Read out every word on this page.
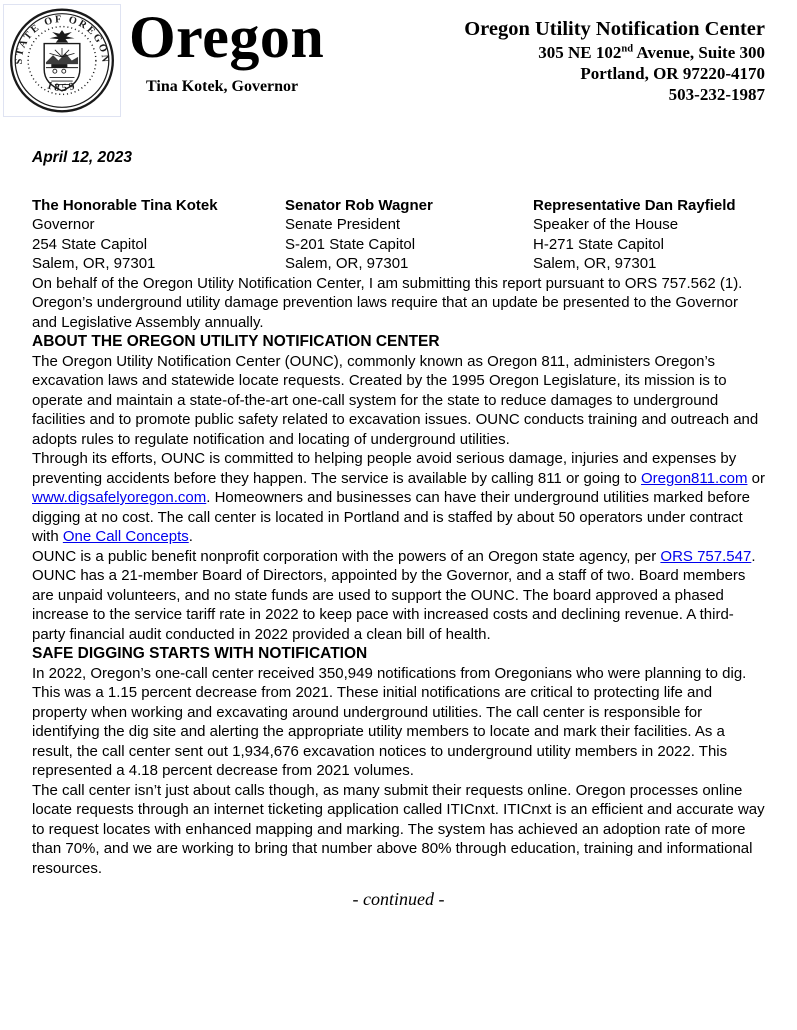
STATE OF OREGON
1859
Oregon
Tina Kotek, Governor
Oregon Utility Notification Center
305 NE 102nd Avenue, Suite 300
Portland, OR 97220-4170
503-232-1987
April 12, 2023
The Honorable Tina Kotek
Governor
254 State Capitol
Salem, OR, 97301
Senator Rob Wagner
Senate President
S-201 State Capitol
Salem, OR, 97301
Representative Dan Rayfield
Speaker of the House
H-271 State Capitol
Salem, OR, 97301

On behalf of the Oregon Utility Notification Center, I am submitting this report pursuant to ORS 757.562 (1). Oregon’s underground utility damage prevention laws require that an update be presented to the Governor and Legislative Assembly annually.

ABOUT THE OREGON UTILITY NOTIFICATION CENTER

The Oregon Utility Notification Center (OUNC), commonly known as Oregon 811, administers Oregon’s excavation laws and statewide locate requests. Created by the 1995 Oregon Legislature, its mission is to operate and maintain a state-of-the-art one-call system for the state to reduce damages to underground facilities and to promote public safety related to excavation issues. OUNC conducts training and outreach and adopts rules to regulate notification and locating of underground utilities.

Through its efforts, OUNC is committed to helping people avoid serious damage, injuries and expenses by preventing accidents before they happen. The service is available by calling 811 or going to Oregon811.com or www.digsafelyoregon.com. Homeowners and businesses can have their underground utilities marked before digging at no cost. The call center is located in Portland and is staffed by about 50 operators under contract with One Call Concepts.

OUNC is a public benefit nonprofit corporation with the powers of an Oregon state agency, per ORS 757.547. OUNC has a 21-member Board of Directors, appointed by the Governor, and a staff of two. Board members are unpaid volunteers, and no state funds are used to support the OUNC. The board approved a phased increase to the service tariff rate in 2022 to keep pace with increased costs and declining revenue. A third-party financial audit conducted in 2022 provided a clean bill of health.

SAFE DIGGING STARTS WITH NOTIFICATION

In 2022, Oregon’s one-call center received 350,949 notifications from Oregonians who were planning to dig. This was a 1.15 percent decrease from 2021. These initial notifications are critical to protecting life and property when working and excavating around underground utilities. The call center is responsible for identifying the dig site and alerting the appropriate utility members to locate and mark their facilities. As a result, the call center sent out 1,934,676 excavation notices to underground utility members in 2022. This represented a 4.18 percent decrease from 2021 volumes.

The call center isn’t just about calls though, as many submit their requests online. Oregon processes online locate requests through an internet ticketing application called ITICnxt. ITICnxt is an efficient and accurate way to request locates with enhanced mapping and marking. The system has achieved an adoption rate of more than 70%, and we are working to bring that number above 80% through education, training and informational resources.

- continued -
